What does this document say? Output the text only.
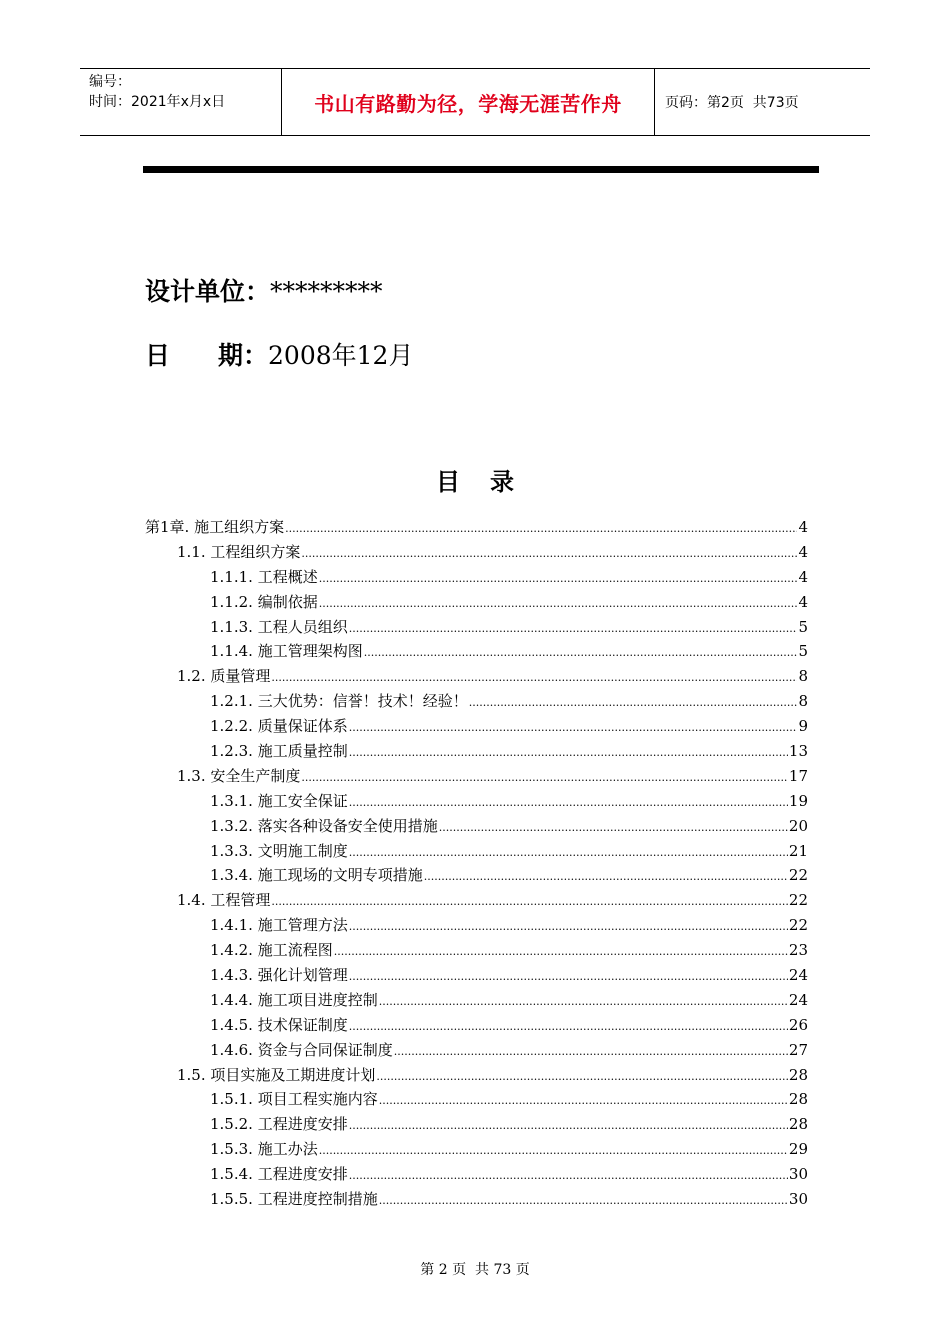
编号：
时间：2021年x月x日	书山有路勤为径，学海无涯苦作舟	页码：第2页  共73页
设计单位：*********
日 期：2008年12月
目 录
第1章. 施工组织方案 .....	4
1.1. 工程组织方案 .....	4
1.1.1. 工程概述 .....	4
1.1.2. 编制依据 .....	4
1.1.3. 工程人员组织 .....	5
1.1.4. 施工管理架构图 .....	5
1.2. 质量管理 .....	8
1.2.1. 三大优势：信誉！技术！经验！ .....	8
1.2.2. 质量保证体系 .....	9
1.2.3. 施工质量控制 .....	13
1.3. 安全生产制度 .....	17
1.3.1. 施工安全保证 .....	19
1.3.2. 落实各种设备安全使用措施 .....	20
1.3.3. 文明施工制度 .....	21
1.3.4. 施工现场的文明专项措施 .....	22
1.4. 工程管理 .....	22
1.4.1. 施工管理方法 .....	22
1.4.2. 施工流程图 .....	23
1.4.3. 强化计划管理 .....	24
1.4.4. 施工项目进度控制 .....	24
1.4.5. 技术保证制度 .....	26
1.4.6. 资金与合同保证制度 .....	27
1.5. 项目实施及工期进度计划 .....	28
1.5.1. 项目工程实施内容 .....	28
1.5.2. 工程进度安排 .....	28
1.5.3. 施工办法 .....	29
1.5.4. 工程进度安排 .....	30
1.5.5. 工程进度控制措施 .....	30
第 2 页  共 73 页
